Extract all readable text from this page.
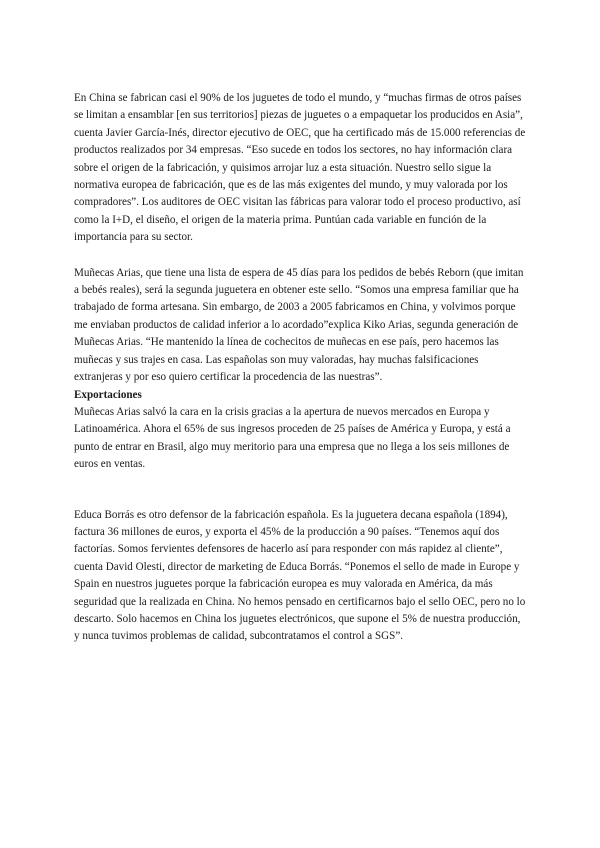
En China se fabrican casi el 90% de los juguetes de todo el mundo, y “muchas firmas de otros países se limitan a ensamblar [en sus territorios] piezas de juguetes o a empaquetar los producidos en Asia”, cuenta Javier García-Inés, director ejecutivo de OEC, que ha certificado más de 15.000 referencias de productos realizados por 34 empresas. “Eso sucede en todos los sectores, no hay información clara sobre el origen de la fabricación, y quisimos arrojar luz a esta situación. Nuestro sello sigue la normativa europea de fabricación, que es de las más exigentes del mundo, y muy valorada por los compradores”. Los auditores de OEC visitan las fábricas para valorar todo el proceso productivo, así como la I+D, el diseño, el origen de la materia prima. Puntúan cada variable en función de la importancia para su sector.

Muñecas Arias, que tiene una lista de espera de 45 días para los pedidos de bebés Reborn (que imitan a bebés reales), será la segunda juguetera en obtener este sello. “Somos una empresa familiar que ha trabajado de forma artesana. Sin embargo, de 2003 a 2005 fabricamos en China, y volvimos porque me enviaban productos de calidad inferior a lo acordado”explica Kiko Arias, segunda generación de Muñecas Arias. “He mantenido la línea de cochecitos de muñecas en ese país, pero hacemos las muñecas y sus trajes en casa. Las españolas son muy valoradas, hay muchas falsificaciones extranjeras y por eso quiero certificar la procedencia de las nuestras”.

Exportaciones

Muñecas Arias salvó la cara en la crisis gracias a la apertura de nuevos mercados en Europa y Latinoamérica. Ahora el 65% de sus ingresos proceden de 25 países de América y Europa, y está a punto de entrar en Brasil, algo muy meritorio para una empresa que no llega a los seis millones de euros en ventas.

Educa Borrás es otro defensor de la fabricación española. Es la juguetera decana española (1894), factura 36 millones de euros, y exporta el 45% de la producción a 90 países. “Tenemos aquí dos factorías. Somos fervientes defensores de hacerlo así para responder con más rapidez al cliente”, cuenta David Olesti, director de marketing de Educa Borrás. “Ponemos el sello de made in Europe y Spain en nuestros juguetes porque la fabricación europea es muy valorada en América, da más seguridad que la realizada en China. No hemos pensado en certificarnos bajo el sello OEC, pero no lo descarto. Solo hacemos en China los juguetes electrónicos, que supone el 5% de nuestra producción, y nunca tuvimos problemas de calidad, subcontratamos el control a SGS”.
